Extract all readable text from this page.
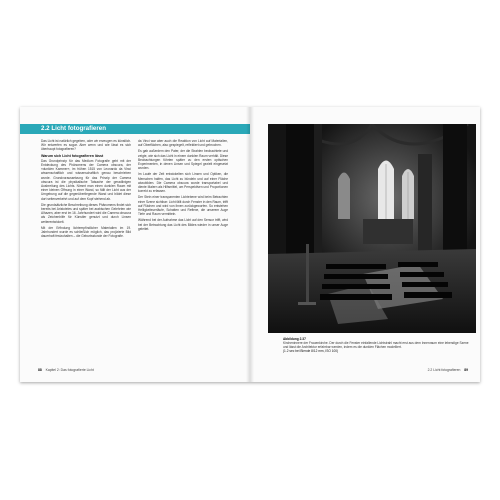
2.2 Licht fotografieren

Das Licht ist natürlich gegeben, oder wir erzeugen es künstlich. Wir entwerfen es sogar. Aber wenn und wie lässt es sich überhaupt fotografieren?

Warum sich Licht fotografieren lässt

Das Grundprinzip für das Medium Fotografie geht mit der Entdeckung des Phänomens der Camera obscura, der »dunklen Kammer«, im frühen 1515 von Leonardo da Vinci wissenschaftlich und wissenschaftlich genau beschrieben wurde. Grundvoraussetzung für das Prinzip der Camera obscura ist die physikalische Tatsache der geradlinigen Ausbreitung des Lichts. Nimmt man einen dunklen Raum mit einer kleinen Öffnung in einer Wand, so fällt der Licht aus der Umgebung auf die gegenüberliegende Wand und bildet diese dort seitenverkehrt und auf dem Kopf stehend ab.

Die grundsätzliche Beschreibung dieses Phänomens findet sich bereits bei Aristoteles und später bei arabischen Gelehrten wie Alhazen, aber erst im 16. Jahrhundert wird die Camera obscura als Zeichenhilfe für Künstler genutzt und durch Linsen weiterentwickelt.

Mit der Erfindung lichtempfindlicher Materialien im 19. Jahrhundert wurde es schließlich möglich, das projizierte Bild dauerhaft festzuhalten – die Geburtsstunde der Fotografie.

da Vinci war aber auch die Reaktion von Licht auf Materialien, auf Oberflächen, also gespiegelt, reflektiert und gebrochen.

Es gab außerdem den Pater, der die Strahlen beobachtete und zeigte, wie sich das Licht in einem dunklen Raum verhält. Diese Beobachtungen führten später zu den ersten optischen Experimenten, in denen Linsen und Spiegel gezielt eingesetzt wurden.

Im Laufe der Zeit entwickelten sich Linsen und Optiken, die Menschen halfen, das Licht zu bündeln und auf einer Fläche abzubilden. Die Camera obscura wurde transportabel und diente Malern als Hilfsmittel, um Perspektiven und Proportionen korrekt zu erfassen.

Der Stein einer transparenten Lichtebene wird beim Betrachten einer Szene sichtbar: Licht fällt durch Fenster in den Raum, trifft auf Flächen und wird von ihnen zurückgeworfen. So entstehen Helligkeitsverläufe, Schatten und Reflexe, die unserem Auge Tiefe und Raum vermitteln.

Während bei der Aufnahme das Licht auf den Sensor trifft, wird bei der Betrachtung das Licht des Bildes wieder in unser Auge geleitet.

88 Kapitel 2: Das fotografierte Licht
Abbildung 2.37
Kircheninnere der Frauenkirche. Der durch die Fenster einfallende Lichtstrahl macht erst aus dem Innenraum eine lebendige Szene und lässt die Architektur erfahrbar werden, indem es die dunklen Flächen modelliert.
(1.2 sec bei Blende 8/12 mm, ISO 100)
2.2 Licht fotografieren 89
